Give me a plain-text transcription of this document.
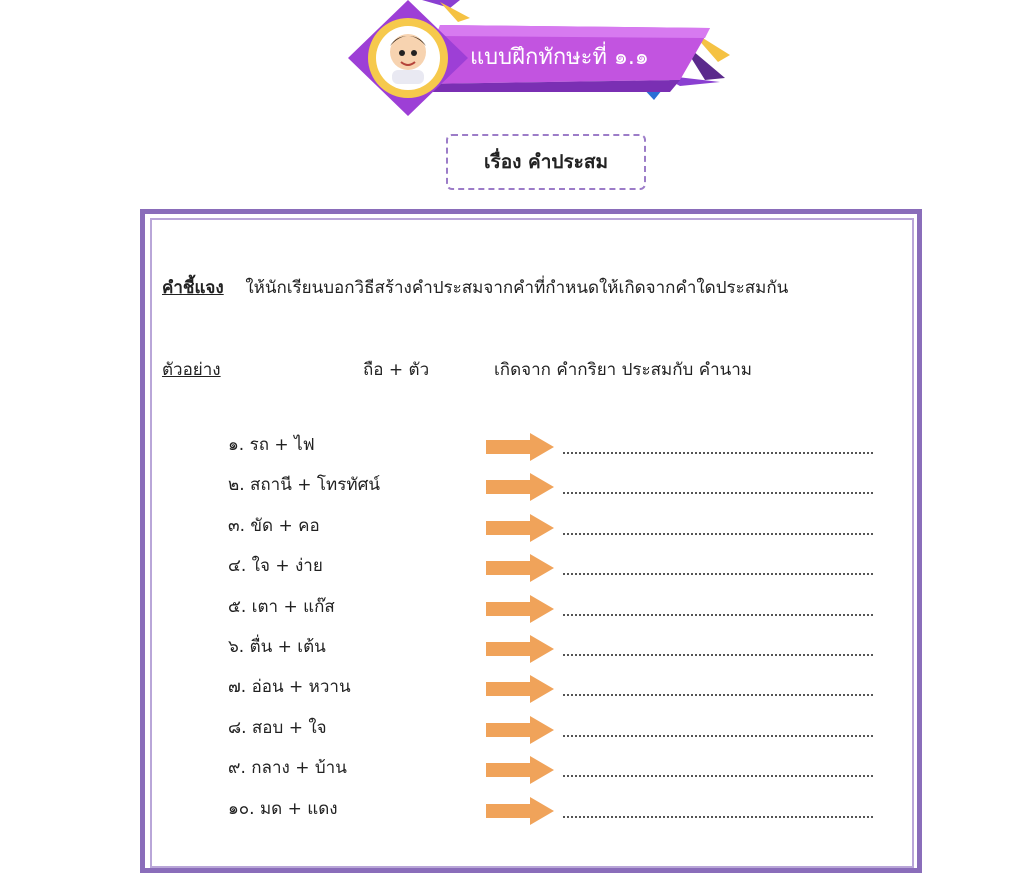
แบบฝึกทักษะที่ ๑.๑
เรื่อง คำประสม
คำชี้แจง ให้นักเรียนบอกวิธีสร้างคำประสมจากคำที่กำหนดให้เกิดจากคำใดประสมกัน
ตัวอย่าง	ถือ + ตัว	เกิดจาก คำกริยา ประสมกับ คำนาม
๑. รถ + ไฟ
๒. สถานี + โทรทัศน์
๓. ขัด + คอ
๔. ใจ + ง่าย
๕. เตา + แก๊ส
๖. ตื่น + เต้น
๗. อ่อน + หวาน
๘. สอบ + ใจ
๙. กลาง + บ้าน
๑๐. มด + แดง
